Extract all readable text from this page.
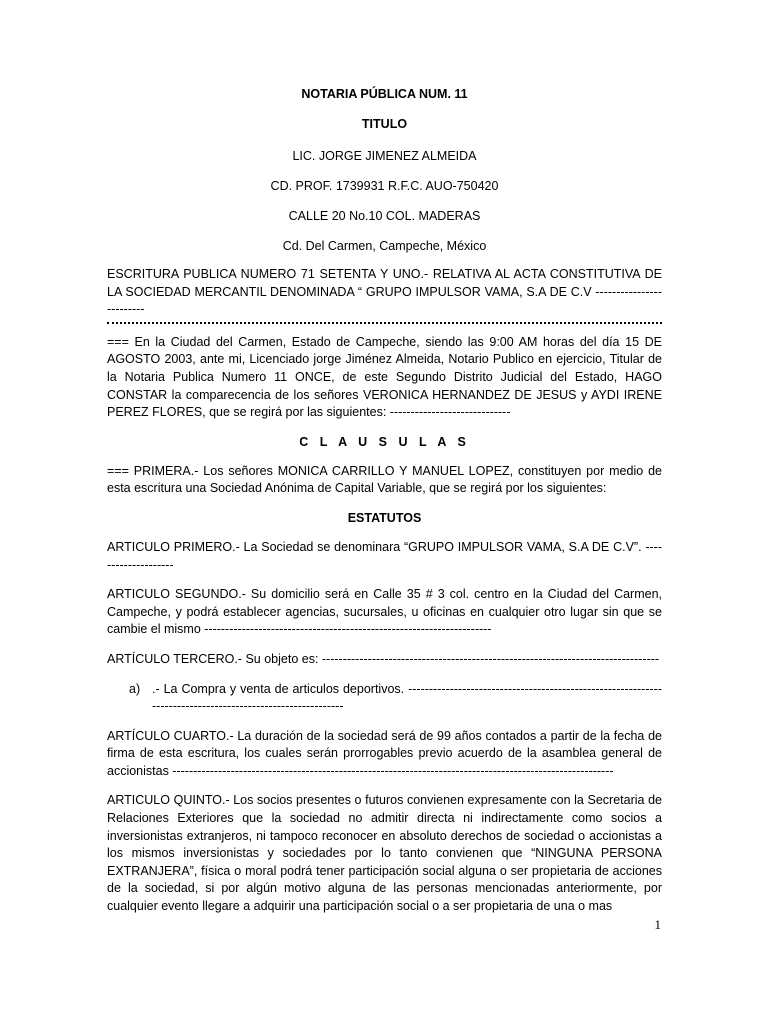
NOTARIA PÚBLICA NUM. 11
TITULO
LIC. JORGE JIMENEZ ALMEIDA
CD. PROF. 1739931 R.F.C. AUO-750420
CALLE 20 No.10 COL. MADERAS
Cd. Del Carmen, Campeche, México

ESCRITURA PUBLICA NUMERO 71 SETENTA Y UNO.- RELATIVA AL ACTA CONSTITUTIVA DE LA SOCIEDAD MERCANTIL DENOMINADA “ GRUPO IMPULSOR VAMA, S.A DE C.V -------------------------

=== En la Ciudad del Carmen, Estado de Campeche, siendo las 9:00 AM horas del día 15 DE AGOSTO 2003, ante mi, Licenciado jorge Jiménez Almeida, Notario Publico en ejercicio, Titular de la Notaria Publica Numero 11 ONCE, de este Segundo Distrito Judicial del Estado, HAGO CONSTAR la comparecencia de los señores VERONICA HERNANDEZ DE JESUS y AYDI IRENE PEREZ FLORES, que se regirá por las siguientes: -----------------------------

C L A U S U L A S

=== PRIMERA.- Los señores MONICA CARRILLO Y MANUEL LOPEZ, constituyen por medio de esta escritura una Sociedad Anónima de Capital Variable, que se regirá por los siguientes:

ESTATUTOS

ARTICULO PRIMERO.- La Sociedad se denominara “GRUPO IMPULSOR VAMA, S.A DE C.V”. --------------------

ARTICULO SEGUNDO.- Su domicilio será en Calle 35 # 3 col. centro en la Ciudad del Carmen, Campeche, y podrá establecer agencias, sucursales, u oficinas en cualquier otro lugar sin que se cambie el mismo ---------------------------------------------------------------------

ARTÍCULO TERCERO.- Su objeto es: ---------------------------------------------------------------------------------

a) .- La Compra y venta de articulos deportivos. -----------------------------------------------------------------------------------------------------------

ARTÍCULO CUARTO.- La duración de la sociedad será de 99 años contados a partir de la fecha de firma de esta escritura, los cuales serán prorrogables previo acuerdo de la asamblea general de accionistas ----------------------------------------------------------------------------------------------------------

ARTICULO QUINTO.- Los socios presentes o futuros convienen expresamente con la Secretaria de Relaciones Exteriores que la sociedad no admitir directa ni indirectamente como socios a inversionistas extranjeros, ni tampoco reconocer en absoluto derechos de sociedad o accionistas a los mismos inversionistas y sociedades por lo tanto convienen que “NINGUNA PERSONA EXTRANJERA”, física o moral podrá tener participación social alguna o ser propietaria de acciones de la sociedad, si por algún motivo alguna de las personas mencionadas anteriormente, por cualquier evento llegare a adquirir una participación social o a ser propietaria de una o mas

1
